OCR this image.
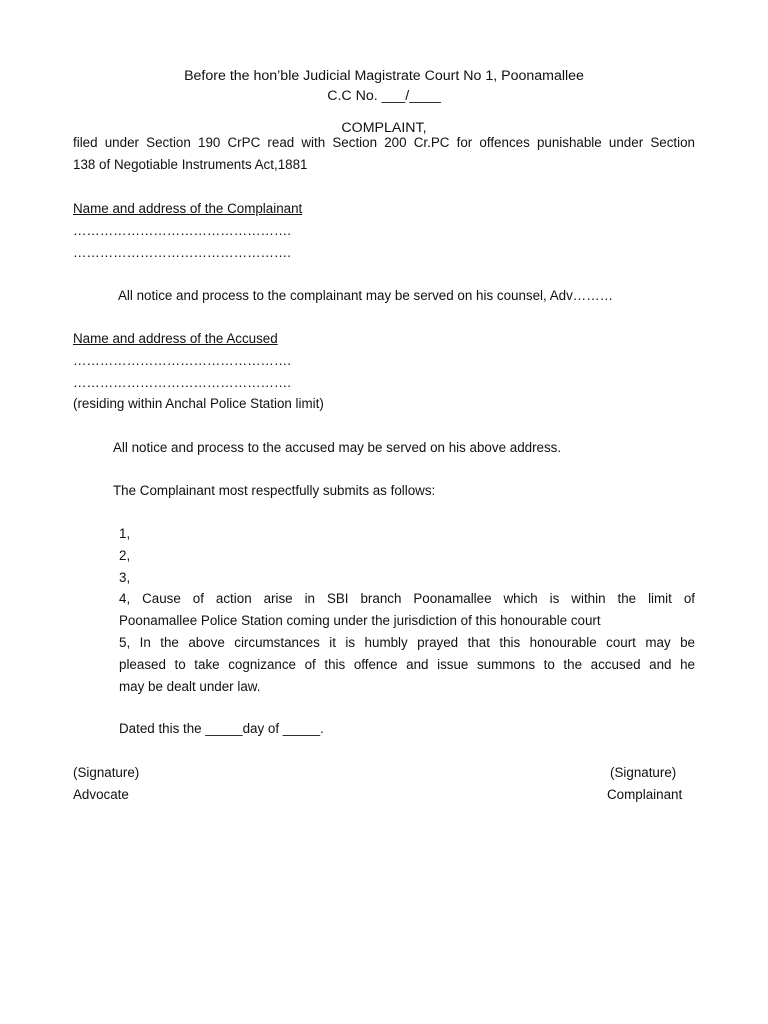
Before the hon’ble Judicial Magistrate Court No 1, Poonamallee
C.C No. ___/____
COMPLAINT,
filed under Section 190 CrPC read with Section 200 Cr.PC for offences punishable under Section
138 of Negotiable Instruments Act,1881
Name and address of the Complainant
………………………………………….
………………………………………….
All notice and process to the complainant may be served on his counsel, Adv………
Name and address of the Accused
………………………………………….
………………………………………….
(residing within Anchal Police Station limit)
All notice and process to the accused may be served on his above address.
The Complainant most respectfully submits as follows:
1,
2,
3,
4, Cause of action arise in SBI branch Poonamallee which is within the limit of
Poonamallee Police Station coming under the jurisdiction of this honourable court
5, In the above circumstances it is humbly prayed that this honourable court may be
pleased to take cognizance of this offence and issue summons to the accused and he
may be dealt under law.
Dated this the _____day of _____.
(Signature)
Advocate
(Signature)
Complainant
